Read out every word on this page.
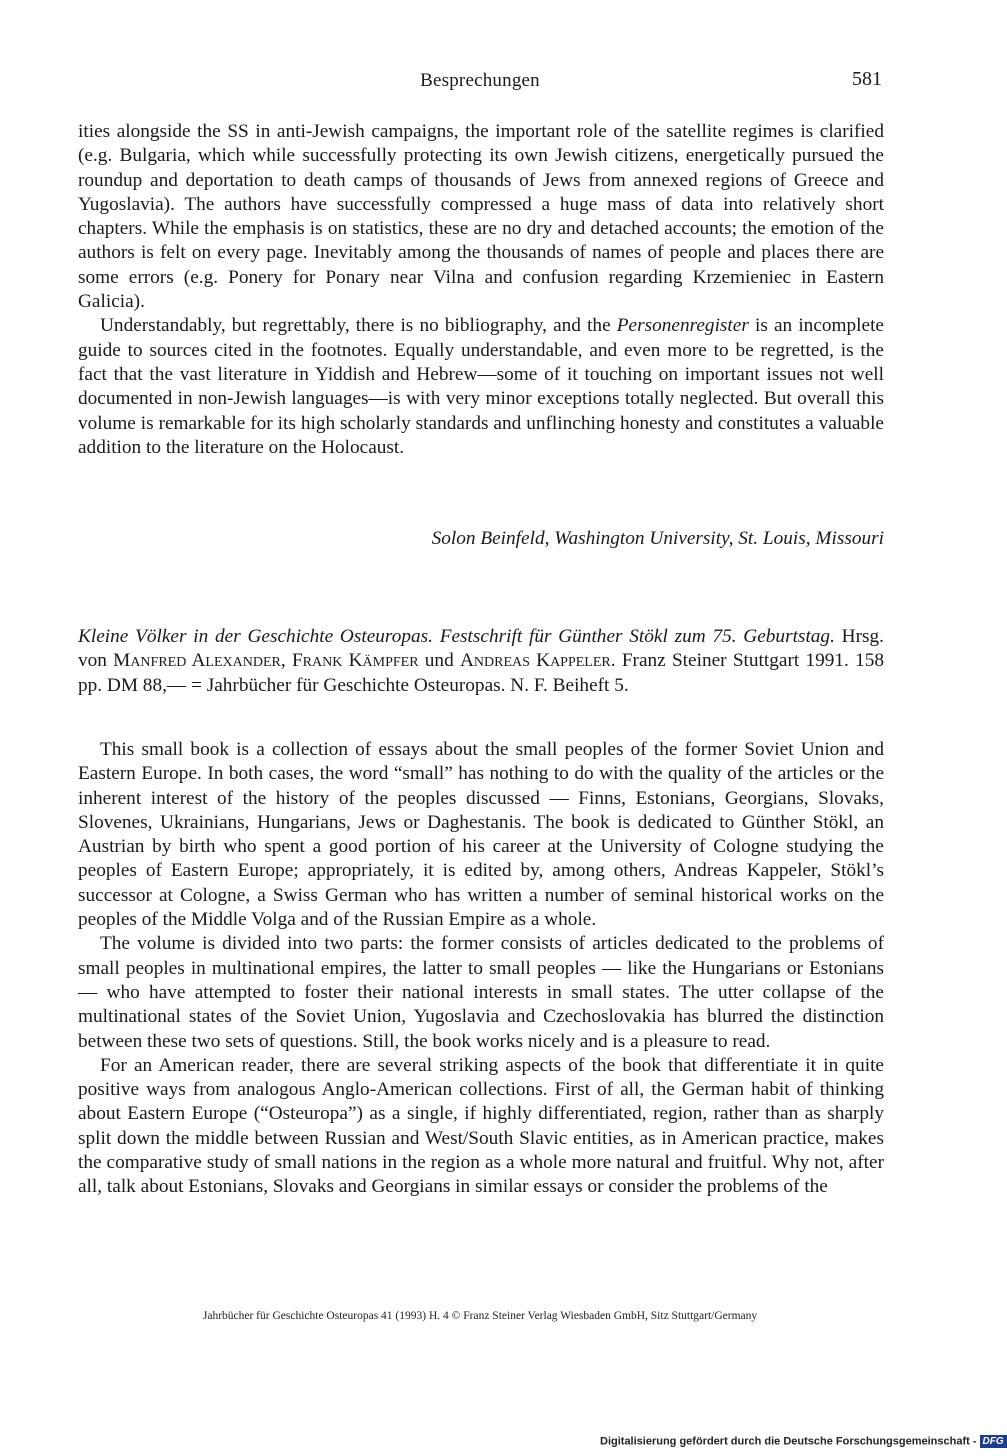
Besprechungen	581

ities alongside the SS in anti-Jewish campaigns, the important role of the satellite regimes is clarified (e.g. Bulgaria, which while successfully protecting its own Jewish citizens, energetically pursued the roundup and deportation to death camps of thousands of Jews from annexed regions of Greece and Yugoslavia). The authors have successfully compressed a huge mass of data into relatively short chapters. While the emphasis is on statistics, these are no dry and detached accounts; the emotion of the authors is felt on every page. Inevitably among the thousands of names of people and places there are some errors (e.g. Ponery for Ponary near Vilna and confusion regarding Krzemieniec in Eastern Galicia).

Understandably, but regrettably, there is no bibliography, and the Personenregister is an incomplete guide to sources cited in the footnotes. Equally understandable, and even more to be regretted, is the fact that the vast literature in Yiddish and Hebrew—some of it touching on important issues not well documented in non-Jewish languages—is with very minor exceptions totally neglected. But overall this volume is remarkable for its high scholarly standards and unflinching honesty and constitutes a valuable addition to the literature on the Holocaust.

Solon Beinfeld, Washington University, St. Louis, Missouri

Kleine Völker in der Geschichte Osteuropas. Festschrift für Günther Stökl zum 75. Geburtstag. Hrsg. von Manfred Alexander, Frank Kämpfer und Andreas Kappeler. Franz Steiner Stuttgart 1991. 158 pp. DM 88,— = Jahrbücher für Geschichte Osteuropas. N. F. Beiheft 5.

This small book is a collection of essays about the small peoples of the former Soviet Union and Eastern Europe. In both cases, the word “small” has nothing to do with the quality of the articles or the inherent interest of the history of the peoples discussed — Finns, Estonians, Georgians, Slovaks, Slovenes, Ukrainians, Hungarians, Jews or Daghestanis. The book is dedicated to Günther Stökl, an Austrian by birth who spent a good portion of his career at the University of Cologne studying the peoples of Eastern Europe; appropriately, it is edited by, among others, Andreas Kappeler, Stökl’s successor at Cologne, a Swiss German who has written a number of seminal historical works on the peoples of the Middle Volga and of the Russian Empire as a whole.

The volume is divided into two parts: the former consists of articles dedicated to the problems of small peoples in multinational empires, the latter to small peoples — like the Hungarians or Estonians — who have attempted to foster their national interests in small states. The utter collapse of the multinational states of the Soviet Union, Yugoslavia and Czechoslovakia has blurred the distinction between these two sets of questions. Still, the book works nicely and is a pleasure to read.

For an American reader, there are several striking aspects of the book that differentiate it in quite positive ways from analogous Anglo-American collections. First of all, the German habit of thinking about Eastern Europe (“Osteuropa”) as a single, if highly differentiated, region, rather than as sharply split down the middle between Russian and West/South Slavic entities, as in American practice, makes the comparative study of small nations in the region as a whole more natural and fruitful. Why not, after all, talk about Estonians, Slovaks and Georgians in similar essays or consider the problems of the

Jahrbücher für Geschichte Osteuropas 41 (1993) H. 4 © Franz Steiner Verlag Wiesbaden GmbH, Sitz Stuttgart/Germany
Digitalisierung gefördert durch die Deutsche Forschungsgemeinschaft - DFG
